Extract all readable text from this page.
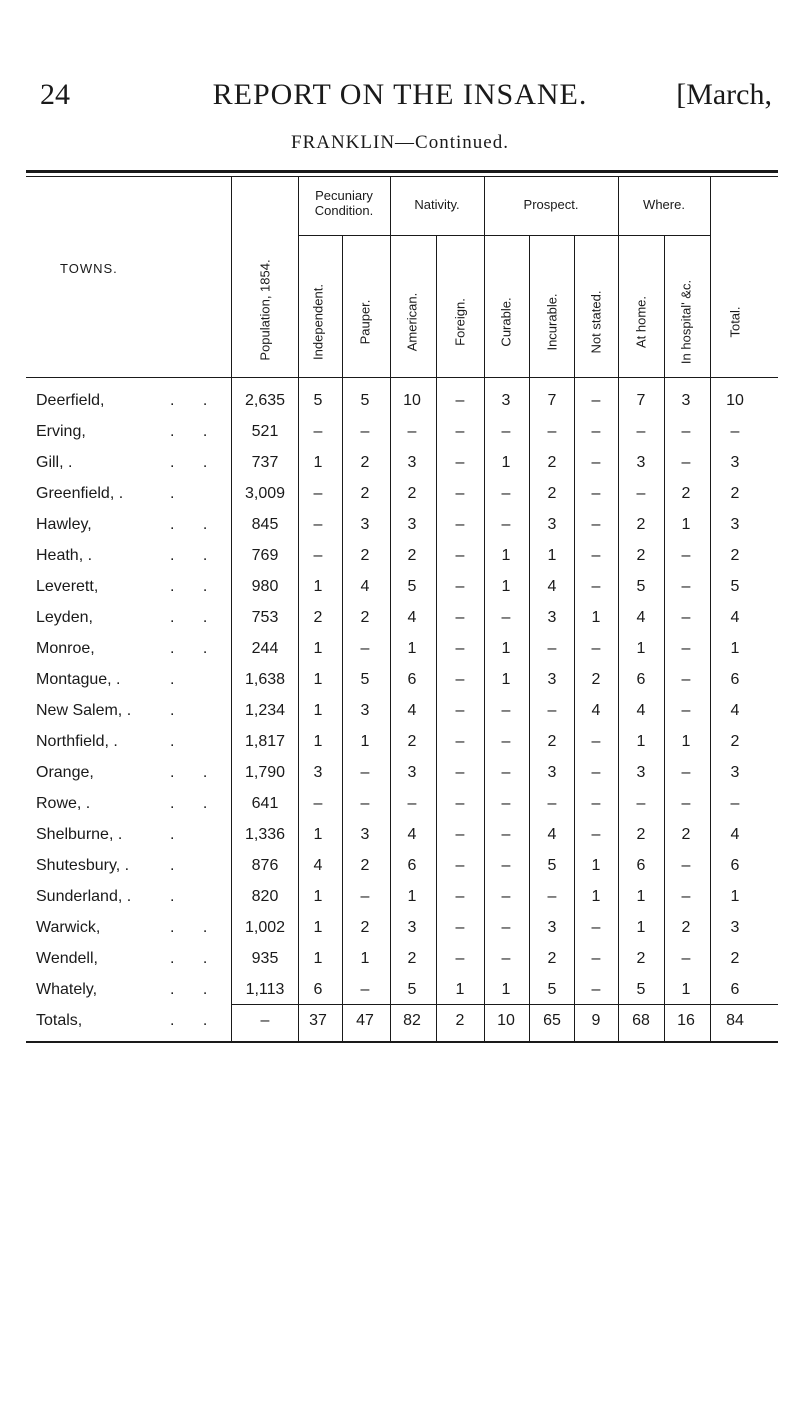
24	REPORT ON THE INSANE.	[March,
FRANKLIN—Continued.
TOWNS.
Pecuniary
Condition.	Nativity.	Prospect.	Where.
Population, 1854.	Independent. Pauper. American.	Foreign. Curable. Incurable. Not stated. At home. In hospital' &c.	Total.
Deerfield,	. .	2,635 5 5 10 – 3 7 – 7 3 10
Erving,	. .	521 – – – – – – – – –	–
Gill, .	. .	737 1 2 3 – 1 2 – 3 –	3
Greenfield, .	.	3,009 – 2 2 – – 2 – – 2	2
Hawley,	. .	845 – 3 3 – – 3 – 2 1	3
Heath, .	. .	769 – 2 2 – 1 1 – 2 –	2
Leverett,	. .	980 1 4 5 – 1 4 – 5 –	5
Leyden,	. .	753 2 2 4 – – 3 1 4 –	4
Monroe,	. .	244 1 – 1 – 1 – – 1 –	1
Montague, .	.	1,638 1 5 6 – 1 3 2 6 –	6
New Salem, . .	1,234 1 3 4 – – – 4 4 –	4
Northfield, .	.	1,817 1 1 2 – – 2 – 1 1	2
Orange,	. .	1,790 3 – 3 – – 3 – 3 –	3
Rowe, .	. .	641 – – – – – – – – –	–
Shelburne, .	.	1,336 1 3 4 – – 4 – 2 2	4
Shutesbury, .	.	876 4 2 6 – – 5 1 6 –	6
Sunderland, . .	820 1 – 1 – – – 1 1 –	1
Warwick,	. .	1,002 1 2 3 – – 3 – 1 2	3
Wendell,	. .	935 1 1 2 – – 2 – 2 –	2
Whately,	. .	1,113 6 – 5 1 1 5 – 5 1	6
Totals,	. .	– 37 47 82 2 10 65 9 68 16 84
